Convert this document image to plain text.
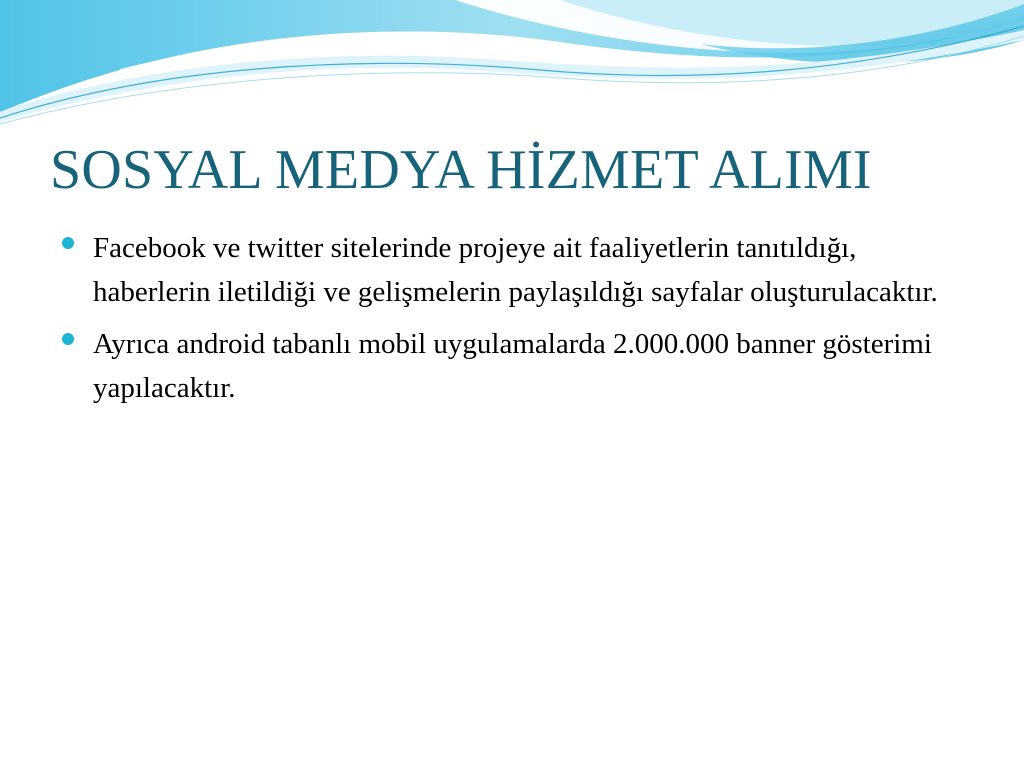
SOSYAL MEDYA HİZMET ALIMI
Facebook ve twitter sitelerinde projeye ait faaliyetlerin tanıtıldığı, haberlerin iletildiği ve gelişmelerin paylaşıldığı sayfalar oluşturulacaktır.
Ayrıca android tabanlı mobil uygulamalarda 2.000.000 banner gösterimi yapılacaktır.
